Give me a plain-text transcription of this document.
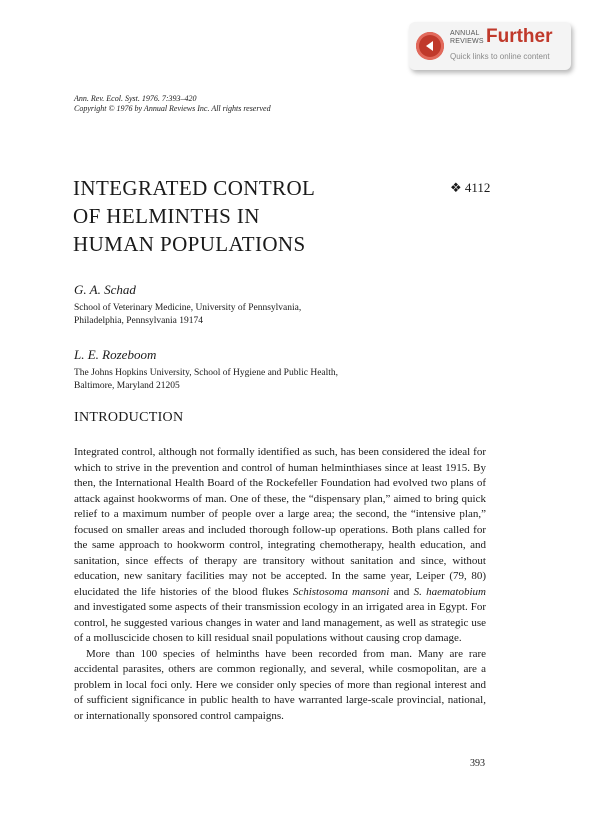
ANNUAL
REVIEWS Further
Quick links to online content
Ann. Rev. Ecol. Syst. 1976. 7:393–420
Copyright © 1976 by Annual Reviews Inc. All rights reserved
INTEGRATED CONTROL
OF HELMINTHS IN
HUMAN POPULATIONS
❖ 4112
G. A. Schad
School of Veterinary Medicine, University of Pennsylvania,
Philadelphia, Pennsylvania 19174
L. E. Rozeboom
The Johns Hopkins University, School of Hygiene and Public Health,
Baltimore, Maryland 21205
INTRODUCTION

Integrated control, although not formally identified as such, has been considered the ideal for which to strive in the prevention and control of human helminthiases since at least 1915. By then, the International Health Board of the Rockefeller Foundation had evolved two plans of attack against hookworms of man. One of these, the “dispensary plan,” aimed to bring quick relief to a maximum number of people over a large area; the second, the “intensive plan,” focused on smaller areas and included thorough follow-up operations. Both plans called for the same approach to hookworm control, integrating chemotherapy, health education, and sanitation, since effects of therapy are transitory without sanitation and since, without education, new sanitary facilities may not be accepted. In the same year, Leiper (79, 80) elucidated the life histories of the blood flukes Schistosoma mansoni and S. haematobium and investigated some aspects of their transmission ecology in an irrigated area in Egypt. For control, he suggested various changes in water and land management, as well as strategic use of a molluscicide chosen to kill residual snail populations without causing crop damage.

More than 100 species of helminths have been recorded from man. Many are rare accidental parasites, others are common regionally, and several, while cosmopolitan, are a problem in local foci only. Here we consider only species of more than regional interest and of sufficient significance in public health to have warranted large-scale provincial, national, or internationally sponsored control campaigns.

393
